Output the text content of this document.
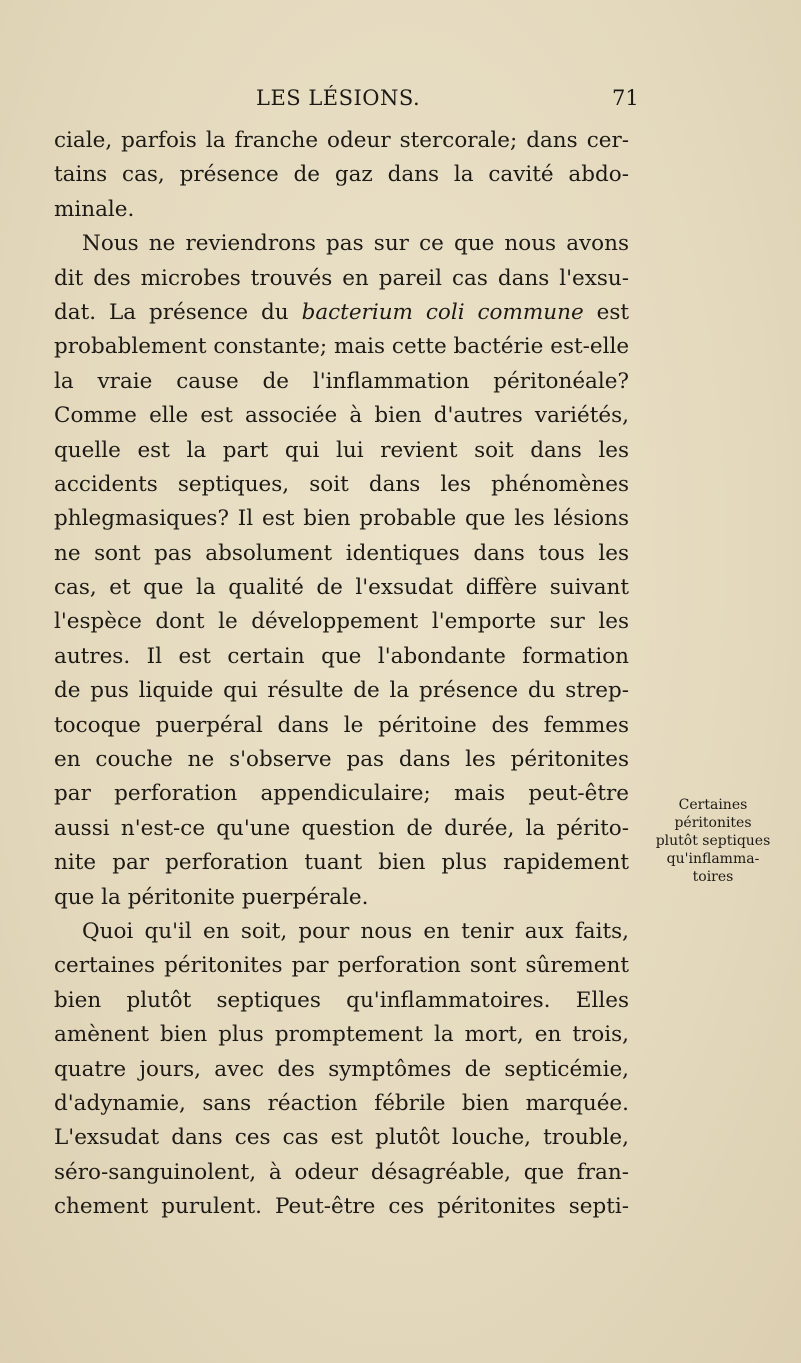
LES LÉSIONS.	71
ciale, parfois la franche odeur stercorale; dans cer-
tains cas, présence de gaz dans la cavité abdo-
minale.
Nous ne reviendrons pas sur ce que nous avons
dit des microbes trouvés en pareil cas dans l'exsu-
dat. La présence du bacterium coli commune est
probablement constante; mais cette bactérie est-elle
la vraie cause de l'inflammation péritonéale?
Comme elle est associée à bien d'autres variétés,
quelle est la part qui lui revient soit dans les
accidents septiques, soit dans les phénomènes
phlegmasiques? Il est bien probable que les lésions
ne sont pas absolument identiques dans tous les
cas, et que la qualité de l'exsudat diffère suivant
l'espèce dont le développement l'emporte sur les
autres. Il est certain que l'abondante formation
de pus liquide qui résulte de la présence du strep-
tocoque puerpéral dans le péritoine des femmes
en couche ne s'observe pas dans les péritonites
par perforation appendiculaire; mais peut-être
aussi n'est-ce qu'une question de durée, la périto-
nite par perforation tuant bien plus rapidement
que la péritonite puerpérale.
Quoi qu'il en soit, pour nous en tenir aux faits,
certaines péritonites par perforation sont sûrement
bien plutôt septiques qu'inflammatoires. Elles
amènent bien plus promptement la mort, en trois,
quatre jours, avec des symptômes de septicémie,
d'adynamie, sans réaction fébrile bien marquée.
L'exsudat dans ces cas est plutôt louche, trouble,
séro-sanguinolent, à odeur désagréable, que fran-
chement purulent. Peut-être ces péritonites septi-
Certaines
péritonites
plutôt septiques
qu'inflamma-
toires
